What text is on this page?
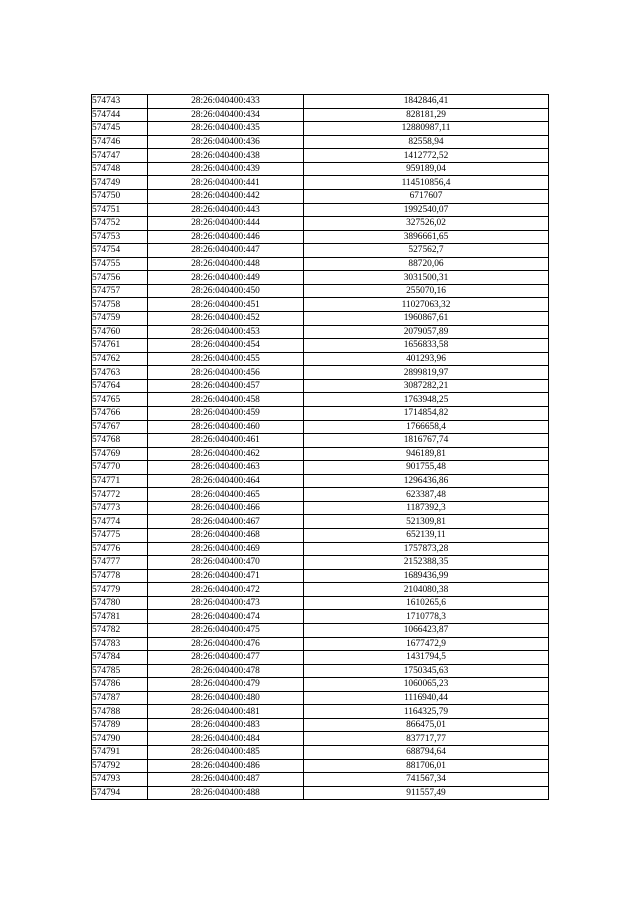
574743	28:26:040400:433	1842846,41
574744	28:26:040400:434	828181,29
574745	28:26:040400:435	12880987,11
574746	28:26:040400:436	82558,94
574747	28:26:040400:438	1412772,52
574748	28:26:040400:439	959189,04
574749	28:26:040400:441	114510856,4
574750	28:26:040400:442	6717607
574751	28:26:040400:443	1992540,07
574752	28:26:040400:444	327526,02
574753	28:26:040400:446	3896661,65
574754	28:26:040400:447	527562,7
574755	28:26:040400:448	88720,06
574756	28:26:040400:449	3031500,31
574757	28:26:040400:450	255070,16
574758	28:26:040400:451	11027063,32
574759	28:26:040400:452	1960867,61
574760	28:26:040400:453	2079057,89
574761	28:26:040400:454	1656833,58
574762	28:26:040400:455	401293,96
574763	28:26:040400:456	2899819,97
574764	28:26:040400:457	3087282,21
574765	28:26:040400:458	1763948,25
574766	28:26:040400:459	1714854,82
574767	28:26:040400:460	1766658,4
574768	28:26:040400:461	1816767,74
574769	28:26:040400:462	946189,81
574770	28:26:040400:463	901755,48
574771	28:26:040400:464	1296436,86
574772	28:26:040400:465	623387,48
574773	28:26:040400:466	1187392,3
574774	28:26:040400:467	521309,81
574775	28:26:040400:468	652139,11
574776	28:26:040400:469	1757873,28
574777	28:26:040400:470	2152388,35
574778	28:26:040400:471	1689436,99
574779	28:26:040400:472	2104080,38
574780	28:26:040400:473	1610265,6
574781	28:26:040400:474	1710778,3
574782	28:26:040400:475	1066423,87
574783	28:26:040400:476	1677472,9
574784	28:26:040400:477	1431794,5
574785	28:26:040400:478	1750345,63
574786	28:26:040400:479	1060065,23
574787	28:26:040400:480	1116940,44
574788	28:26:040400:481	1164325,79
574789	28:26:040400:483	866475,01
574790	28:26:040400:484	837717,77
574791	28:26:040400:485	688794,64
574792	28:26:040400:486	881706,01
574793	28:26:040400:487	741567,34
574794	28:26:040400:488	911557,49
